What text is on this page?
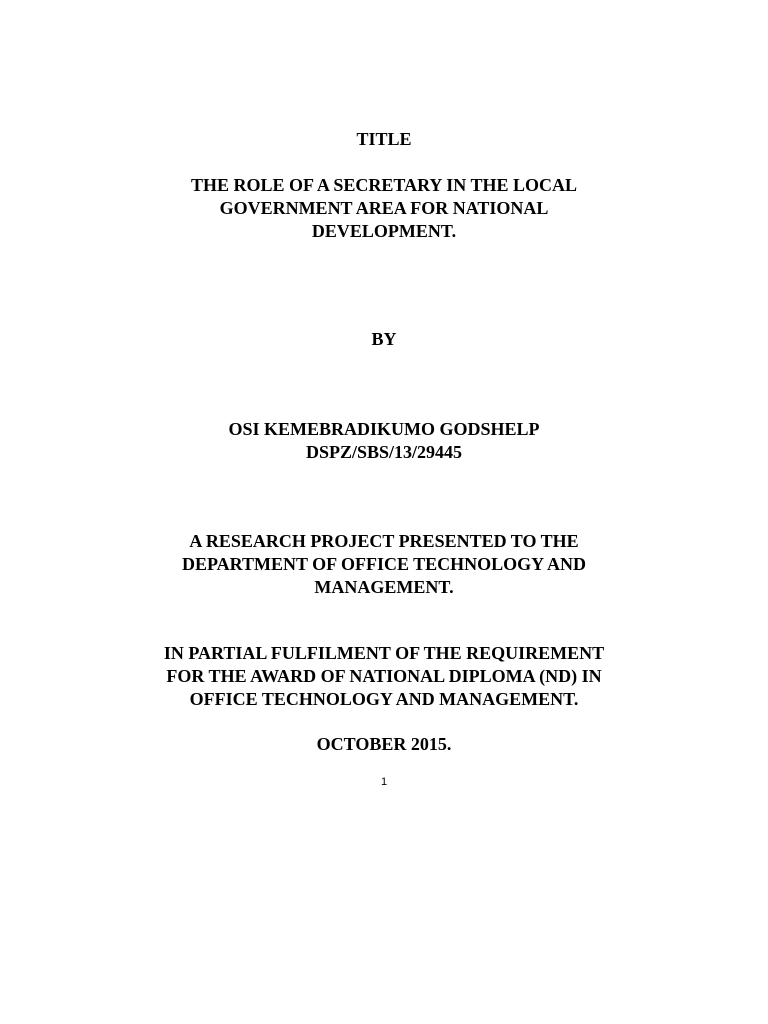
TITLE
THE ROLE OF A SECRETARY IN THE LOCAL
GOVERNMENT AREA FOR NATIONAL
DEVELOPMENT.
BY
OSI KEMEBRADIKUMO GODSHELP
DSPZ/SBS/13/29445
A RESEARCH PROJECT PRESENTED TO THE
DEPARTMENT OF OFFICE TECHNOLOGY AND
MANAGEMENT.
IN PARTIAL FULFILMENT OF THE REQUIREMENT
FOR THE AWARD OF NATIONAL DIPLOMA (ND) IN
OFFICE TECHNOLOGY AND MANAGEMENT.
OCTOBER 2015.
1
